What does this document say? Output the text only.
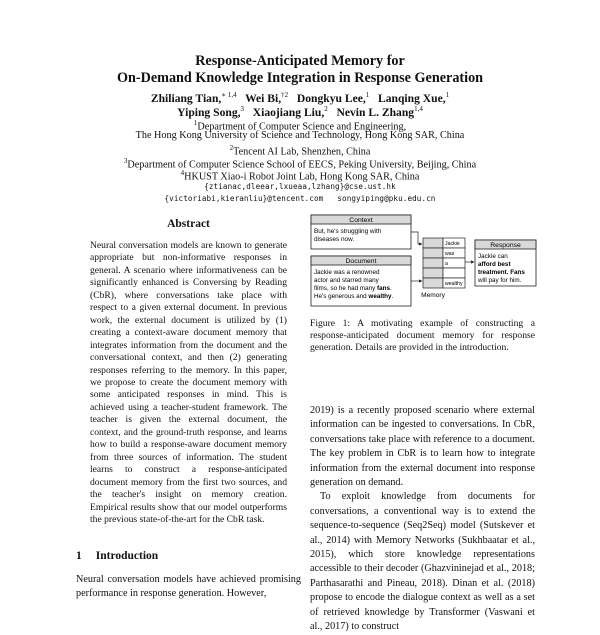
Response-Anticipated Memory for
On-Demand Knowledge Integration in Response Generation
Zhiliang Tian,$^{∗ 1,4}$ Wei Bi,$^{\dagger 2}$ Dongkyu Lee,$^1$ Lanqing Xue,$^1$
Yiping Song,$^3$ Xiaojiang Liu,$^2$ Nevin L. Zhang$^{1,4}$
$^1$Department of Computer Science and Engineering,
The Hong Kong University of Science and Technology, Hong Kong SAR, China
$^2$Tencent AI Lab, Shenzhen, China
$^3$Department of Computer Science School of EECS, Peking University, Beijing, China
$^4$HKUST Xiao-i Robot Joint Lab, Hong Kong SAR, China
{ztianac,dleear,lxueaa,lzhang}@cse.ust.hk
{victoriabi,kieranliu}@tencent.com   songyiping@pku.edu.cn
Abstract

Neural conversation models are known to generate appropriate but non-informative responses in general. A scenario where informativeness can be significantly enhanced is Conversing by Reading (CbR), where conversations take place with respect to a given external document. In previous work, the external document is utilized by (1) creating a context-aware document memory that integrates information from the document and the conversational context, and then (2) generating responses referring to the memory. In this paper, we propose to create the document memory with some anticipated responses in mind. This is achieved using a teacher-student framework. The teacher is given the external document, the context, and the ground-truth response, and learns how to build a response-aware document memory from three sources of information. The student learns to construct a response-anticipated document memory from the first two sources, and the teacher's insight on memory creation. Empirical results show that our model outperforms the previous state-of-the-art for the CbR task.

1 Introduction

Neural conversation models have achieved promising performance in response generation. However,

Context
But, he's struggling with
diseases now.
Document
Jackie was a renowned
actor and starred many
films, so he had many fans.
He's generous and wealthy.
Jackie
was
a
wealthy
Memory
Response
Jackie can
afford best
treatment. Fans
will pay for him.
Figure 1: A motivating example of constructing a response-anticipated document memory for response generation. Details are provided in the introduction.

2019) is a recently proposed scenario where external information can be ingested to conversations. In CbR, conversations take place with reference to a document. The key problem in CbR is to learn how to integrate information from the external document into response generation on demand.

To exploit knowledge from documents for conversations, a conventional way is to extend the sequence-to-sequence (Seq2Seq) model (Sutskever et al., 2014) with Memory Networks (Sukhbaatar et al., 2015), which store knowledge representations accessible to their decoder (Ghazvininejad et al., 2018; Parthasarathi and Pineau, 2018). Dinan et al. (2018) propose to encode the dialogue context as well as a set of retrieved knowledge by Transformer (Vaswani et al., 2017) to construct
